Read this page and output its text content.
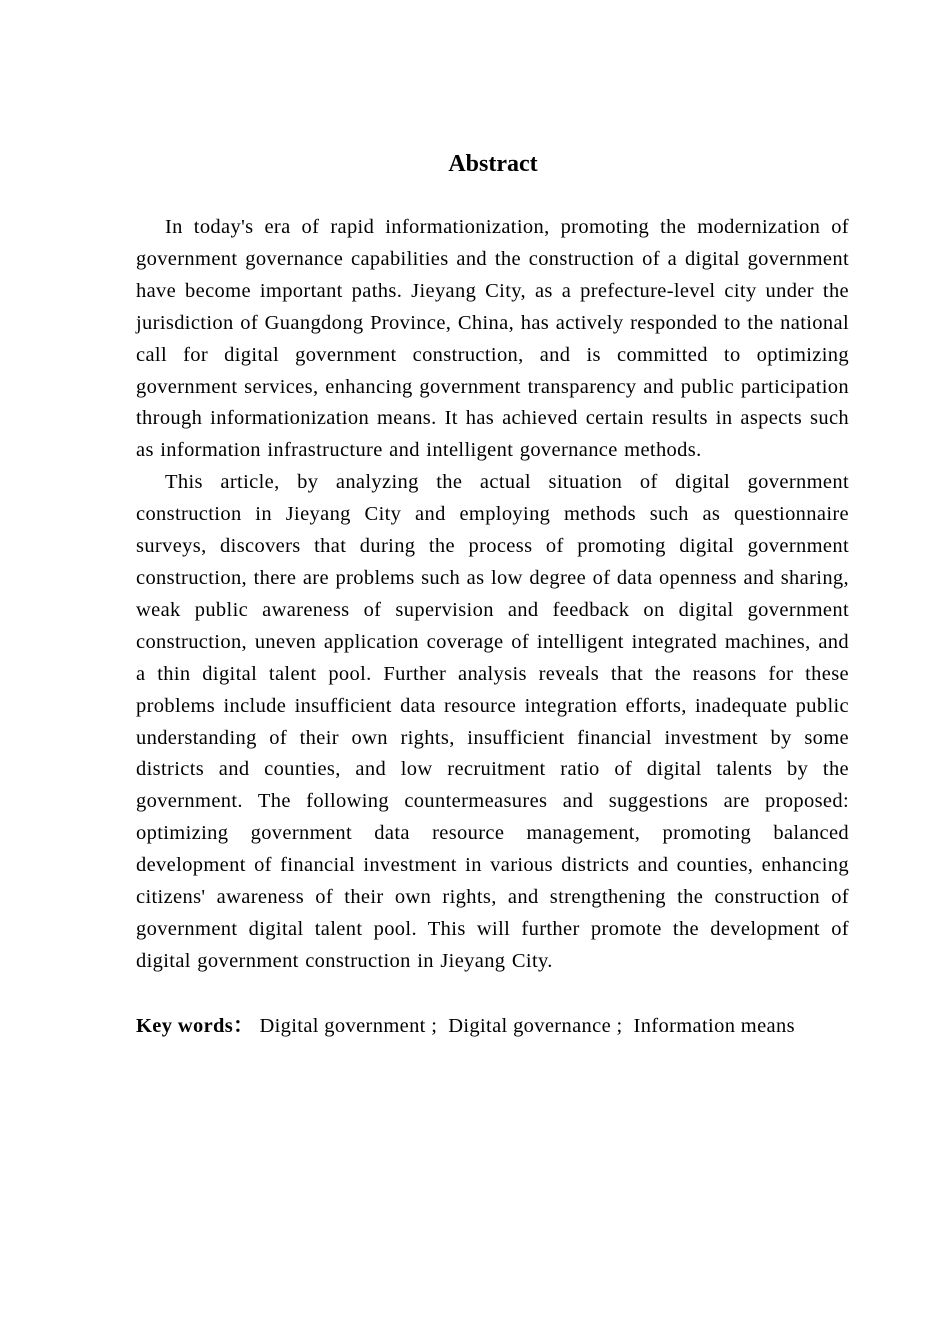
Abstract

In today's era of rapid informationization, promoting the modernization of government governance capabilities and the construction of a digital government have become important paths. Jieyang City, as a prefecture-level city under the jurisdiction of Guangdong Province, China, has actively responded to the national call for digital government construction, and is committed to optimizing government services, enhancing government transparency and public participation through informationization means. It has achieved certain results in aspects such as information infrastructure and intelligent governance methods.

This article, by analyzing the actual situation of digital government construction in Jieyang City and employing methods such as questionnaire surveys, discovers that during the process of promoting digital government construction, there are problems such as low degree of data openness and sharing, weak public awareness of supervision and feedback on digital government construction, uneven application coverage of intelligent integrated machines, and a thin digital talent pool. Further analysis reveals that the reasons for these problems include insufficient data resource integration efforts, inadequate public understanding of their own rights, insufficient financial investment by some districts and counties, and low recruitment ratio of digital talents by the government. The following countermeasures and suggestions are proposed: optimizing government data resource management, promoting balanced development of financial investment in various districts and counties, enhancing citizens' awareness of their own rights, and strengthening the construction of government digital talent pool. This will further promote the development of digital government construction in Jieyang City.

Key words： Digital government ;  Digital governance ;  Information means
